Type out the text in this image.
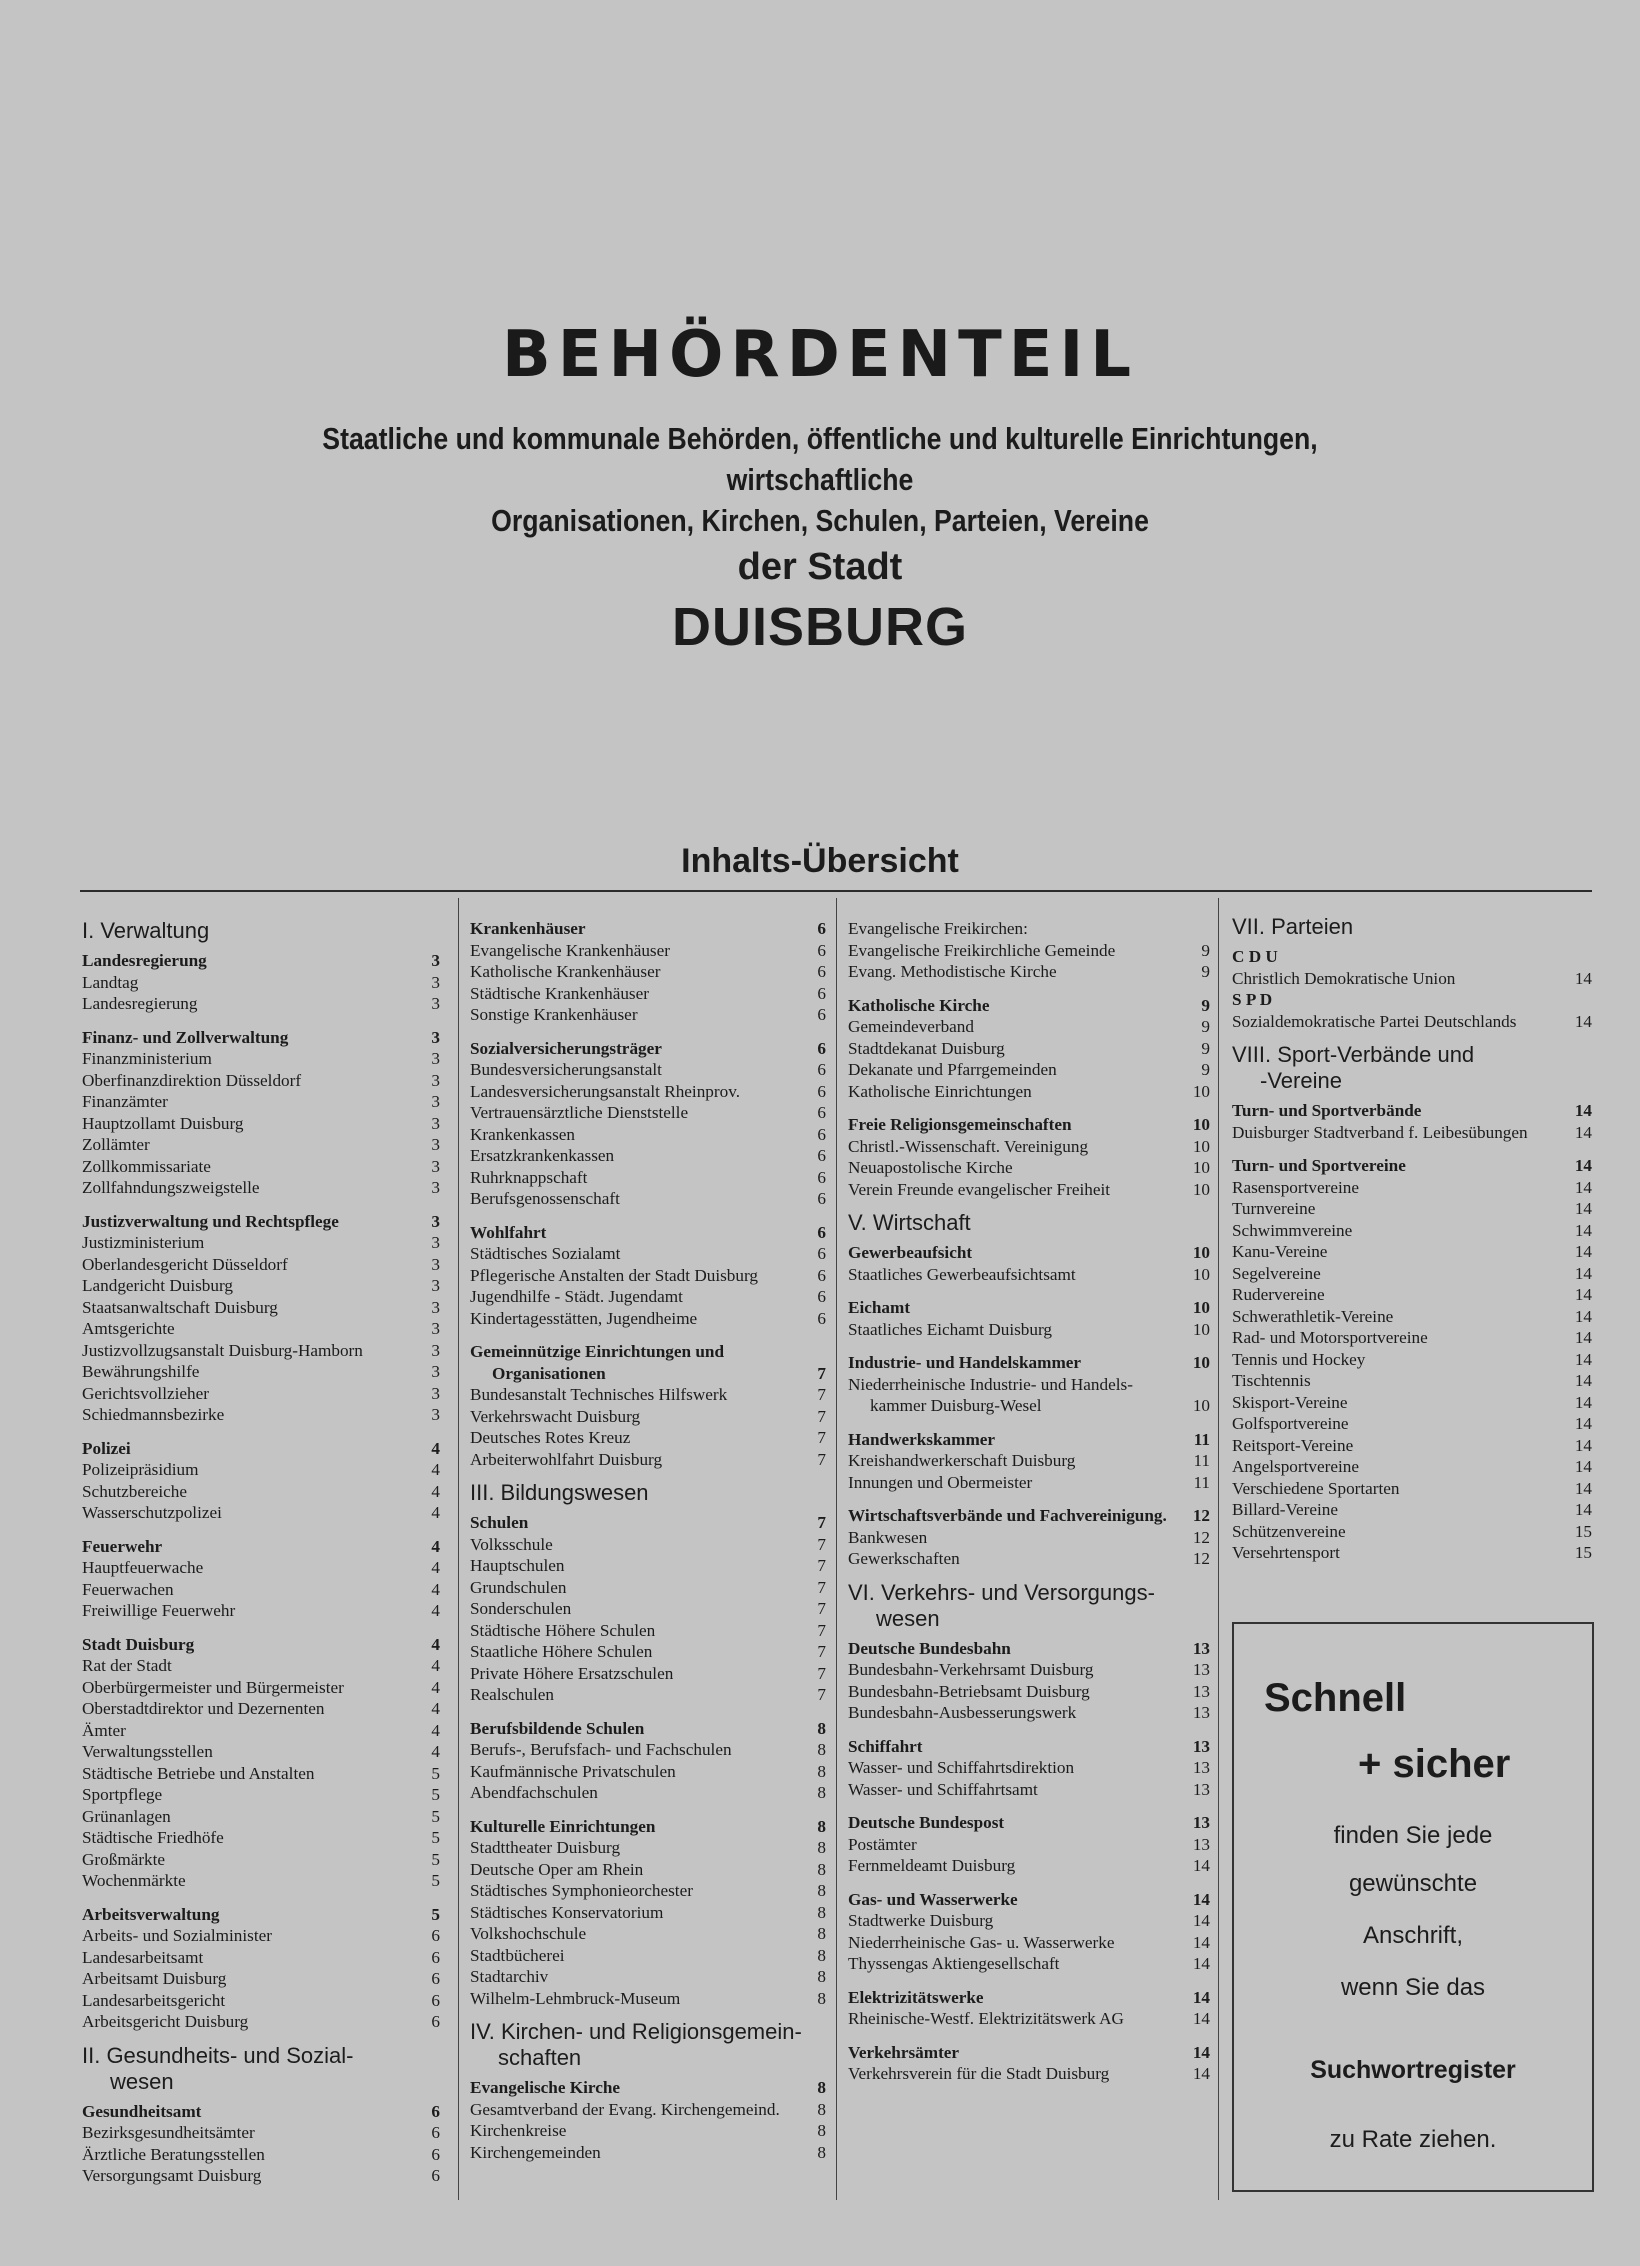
BEHÖRDENTEIL
Staatliche und kommunale Behörden, öffentliche und kulturelle Einrichtungen, wirtschaftliche
Organisationen, Kirchen, Schulen, Parteien, Vereine
der Stadt
DUISBURG
Inhalts-Übersicht
I. Verwaltung
Landesregierung	3
Landtag	3
Landesregierung	3
Finanz- und Zollverwaltung	3
Finanzministerium	3
Oberfinanzdirektion Düsseldorf	3
Finanzämter	3
Hauptzollamt Duisburg	3
Zollämter	3
Zollkommissariate	3
Zollfahndungszweigstelle	3
Justizverwaltung und Rechtspflege	3
Justizministerium	3
Oberlandesgericht Düsseldorf	3
Landgericht Duisburg	3
Staatsanwaltschaft Duisburg	3
Amtsgerichte	3
Justizvollzugsanstalt Duisburg-Hamborn	3
Bewährungshilfe	3
Gerichtsvollzieher	3
Schiedmannsbezirke	3
Polizei	4
Polizeipräsidium	4
Schutzbereiche	4
Wasserschutzpolizei	4
Feuerwehr	4
Hauptfeuerwache	4
Feuerwachen	4
Freiwillige Feuerwehr	4
Stadt Duisburg	4
Rat der Stadt	4
Oberbürgermeister und Bürgermeister	4
Oberstadtdirektor und Dezernenten	4
Ämter	4
Verwaltungsstellen	4
Städtische Betriebe und Anstalten	5
Sportpflege	5
Grünanlagen	5
Städtische Friedhöfe	5
Großmärkte	5
Wochenmärkte	5
Arbeitsverwaltung	5
Arbeits- und Sozialminister	6
Landesarbeitsamt	6
Arbeitsamt Duisburg	6
Landesarbeitsgericht	6
Arbeitsgericht Duisburg	6
II. Gesundheits- und Sozial-
wesen
Gesundheitsamt	6
Bezirksgesundheitsämter	6
Ärztliche Beratungsstellen	6
Versorgungsamt Duisburg	6
Krankenhäuser	6
Evangelische Krankenhäuser	6
Katholische Krankenhäuser	6
Städtische Krankenhäuser	6
Sonstige Krankenhäuser	6
Sozialversicherungsträger	6
Bundesversicherungsanstalt	6
Landesversicherungsanstalt Rheinprov.	6
Vertrauensärztliche Dienststelle	6
Krankenkassen	6
Ersatzkrankenkassen	6
Ruhrknappschaft	6
Berufsgenossenschaft	6
Wohlfahrt	6
Städtisches Sozialamt	6
Pflegerische Anstalten der Stadt Duisburg	6
Jugendhilfe - Städt. Jugendamt	6
Kindertagesstätten, Jugendheime	6
Gemeinnützige Einrichtungen und
Organisationen	7
Bundesanstalt Technisches Hilfswerk	7
Verkehrswacht Duisburg	7
Deutsches Rotes Kreuz	7
Arbeiterwohlfahrt Duisburg	7
III. Bildungswesen
Schulen	7
Volksschule	7
Hauptschulen	7
Grundschulen	7
Sonderschulen	7
Städtische Höhere Schulen	7
Staatliche Höhere Schulen	7
Private Höhere Ersatzschulen	7
Realschulen	7
Berufsbildende Schulen	8
Berufs-, Berufsfach- und Fachschulen	8
Kaufmännische Privatschulen	8
Abendfachschulen	8
Kulturelle Einrichtungen	8
Stadttheater Duisburg	8
Deutsche Oper am Rhein	8
Städtisches Symphonieorchester	8
Städtisches Konservatorium	8
Volkshochschule	8
Stadtbücherei	8
Stadtarchiv	8
Wilhelm-Lehmbruck-Museum	8
IV. Kirchen- und Religionsgemein-
schaften
Evangelische Kirche	8
Gesamtverband der Evang. Kirchengemeind.	8
Kirchenkreise	8
Kirchengemeinden	8
Evangelische Freikirchen:
Evangelische Freikirchliche Gemeinde	9
Evang. Methodistische Kirche	9
Katholische Kirche	9
Gemeindeverband	9
Stadtdekanat Duisburg	9
Dekanate und Pfarrgemeinden	9
Katholische Einrichtungen	10
Freie Religionsgemeinschaften	10
Christl.-Wissenschaft. Vereinigung	10
Neuapostolische Kirche	10
Verein Freunde evangelischer Freiheit	10
V. Wirtschaft
Gewerbeaufsicht	10
Staatliches Gewerbeaufsichtsamt	10
Eichamt	10
Staatliches Eichamt Duisburg	10
Industrie- und Handelskammer	10
Niederrheinische Industrie- und Handels-
kammer Duisburg-Wesel	10
Handwerkskammer	11
Kreishandwerkerschaft Duisburg	11
Innungen und Obermeister	11
Wirtschaftsverbände und Fachvereinigung. 12
Bankwesen	12
Gewerkschaften	12
VI. Verkehrs- und Versorgungs-
wesen
Deutsche Bundesbahn	13
Bundesbahn-Verkehrsamt Duisburg	13
Bundesbahn-Betriebsamt Duisburg	13
Bundesbahn-Ausbesserungswerk	13
Schiffahrt	13
Wasser- und Schiffahrtsdirektion	13
Wasser- und Schiffahrtsamt	13
Deutsche Bundespost	13
Postämter	13
Fernmeldeamt Duisburg	14
Gas- und Wasserwerke	14
Stadtwerke Duisburg	14
Niederrheinische Gas- u. Wasserwerke	14
Thyssengas Aktiengesellschaft	14
Elektrizitätswerke	14
Rheinische-Westf. Elektrizitätswerk AG	14
Verkehrsämter	14
Verkehrsverein für die Stadt Duisburg	14
VII. Parteien
C D U
Christlich Demokratische Union	14
S P D
Sozialdemokratische Partei Deutschlands	14
VIII. Sport-Verbände und
-Vereine
Turn- und Sportverbände	14
Duisburger Stadtverband f. Leibesübungen	14
Turn- und Sportvereine	14
Rasensportvereine	14
Turnvereine	14
Schwimmvereine	14
Kanu-Vereine	14
Segelvereine	14
Rudervereine	14
Schwerathletik-Vereine	14
Rad- und Motorsportvereine	14
Tennis und Hockey	14
Tischtennis	14
Skisport-Vereine	14
Golfsportvereine	14
Reitsport-Vereine	14
Angelsportvereine	14
Verschiedene Sportarten	14
Billard-Vereine	14
Schützenvereine	15
Versehrtensport	15
Schnell
+ sicher
finden Sie jede
gewünschte
Anschrift,
wenn Sie das
Suchwortregister
zu Rate ziehen.
